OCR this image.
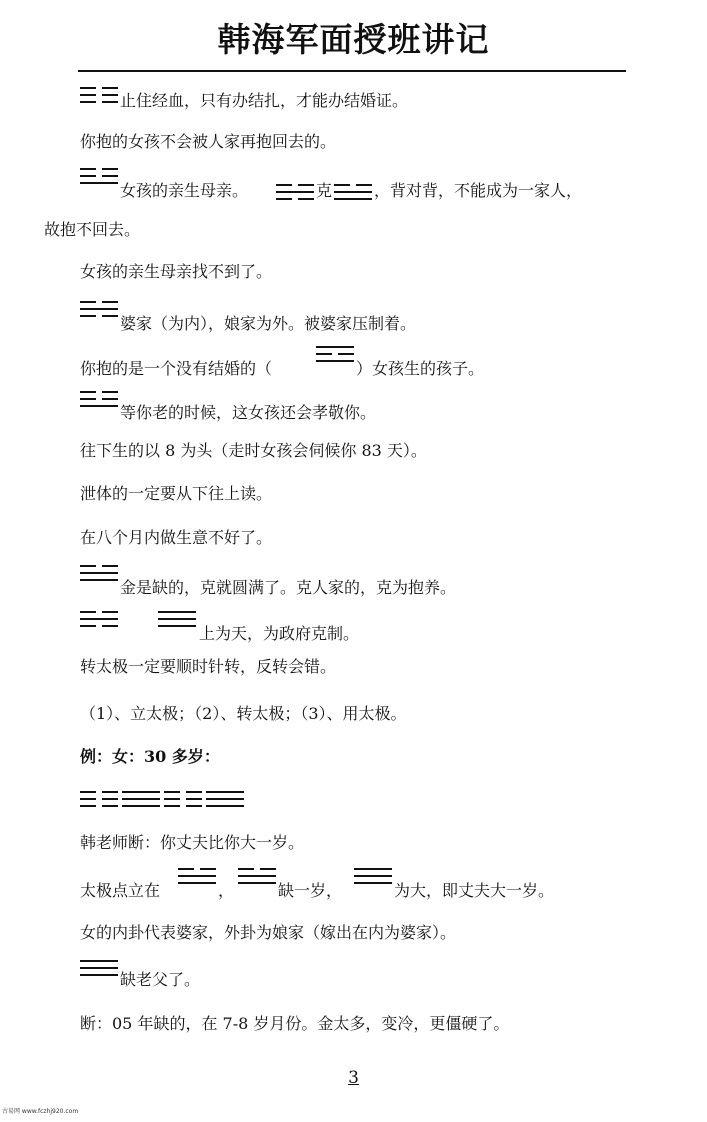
韩海军面授班讲记
止住经血，只有办结扎，才能办结婚证。
你抱的女孩不会被人家再抱回去的。
女孩的亲生母亲。	克	，背对背，不能成为一家人，
故抱不回去。
女孩的亲生母亲找不到了。
婆家（为内），娘家为外。被婆家压制着。
你抱的是一个没有结婚的（	）女孩生的孩子。
等你老的时候，这女孩还会孝敬你。
往下生的以 8 为头（走时女孩会伺候你 83 天）。
泄体的一定要从下往上读。
在八个月内做生意不好了。
金是缺的，克就圆满了。克人家的，克为抱养。
上为天，为政府克制。
转太极一定要顺时针转，反转会错。
（1）、立太极；（2）、转太极；（3）、用太极。
例：女：30 多岁：
韩老师断：你丈夫比你大一岁。
太极点立在	，	缺一岁，	为大，即丈夫大一岁。
女的内卦代表婆家，外卦为娘家（嫁出在内为婆家）。
缺老父了。
断：05 年缺的，在 7-8 岁月份。金太多，变冷，更僵硬了。
3
古易网 www.fczhj920.com
